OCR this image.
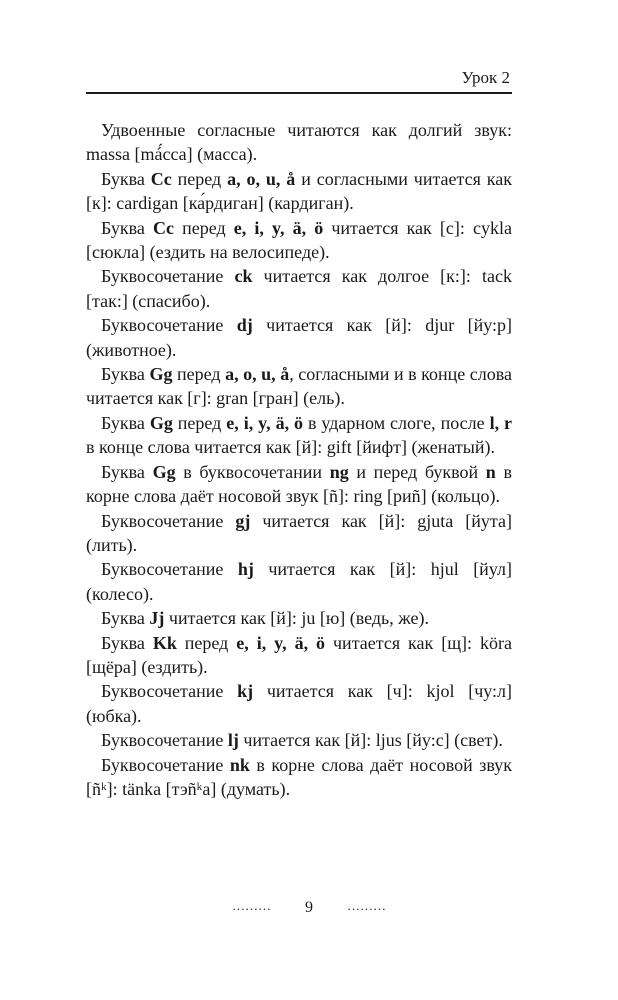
Урок 2

Удвоенные согласные читаются как долгий звук: massa [má́сса] (масса).

Буква Cc перед a, o, u, å и согласными читается как [к]: cardigan [ка́рдиган] (кардиган).

Буква Cc перед e, i, y, ä, ö читается как [с]: cykla [сюкла] (ездить на велосипеде).

Буквосочетание ck читается как долгое [к:]: tack [так:] (спасибо).

Буквосочетание dj читается как [й]: djur [йу:р] (животное).

Буква Gg перед a, o, u, å, согласными и в конце слова читается как [г]: gran [гран] (ель).

Буква Gg перед e, i, y, ä, ö в ударном слоге, после l, r в конце слова читается как [й]: gift [йифт] (женатый).

Буква Gg в буквосочетании ng и перед буквой n в корне слова даёт носовой звук [ñ]: ring [риñ] (кольцо).

Буквосочетание gj читается как [й]: gjuta [йута] (лить).

Буквосочетание hj читается как [й]: hjul [йул] (колесо).

Буква Jj читается как [й]: ju [ю] (ведь, же).

Буква Kk перед e, i, y, ä, ö читается как [щ]: köra [щёра] (ездить).

Буквосочетание kj читается как [ч]: kjol [чу:л] (юбка).

Буквосочетание lj читается как [й]: ljus [йу:с] (свет).

Буквосочетание nk в корне слова даёт носовой звук [ñᵏ]: tänka [тэñᵏа] (думать).

……… 9	………
